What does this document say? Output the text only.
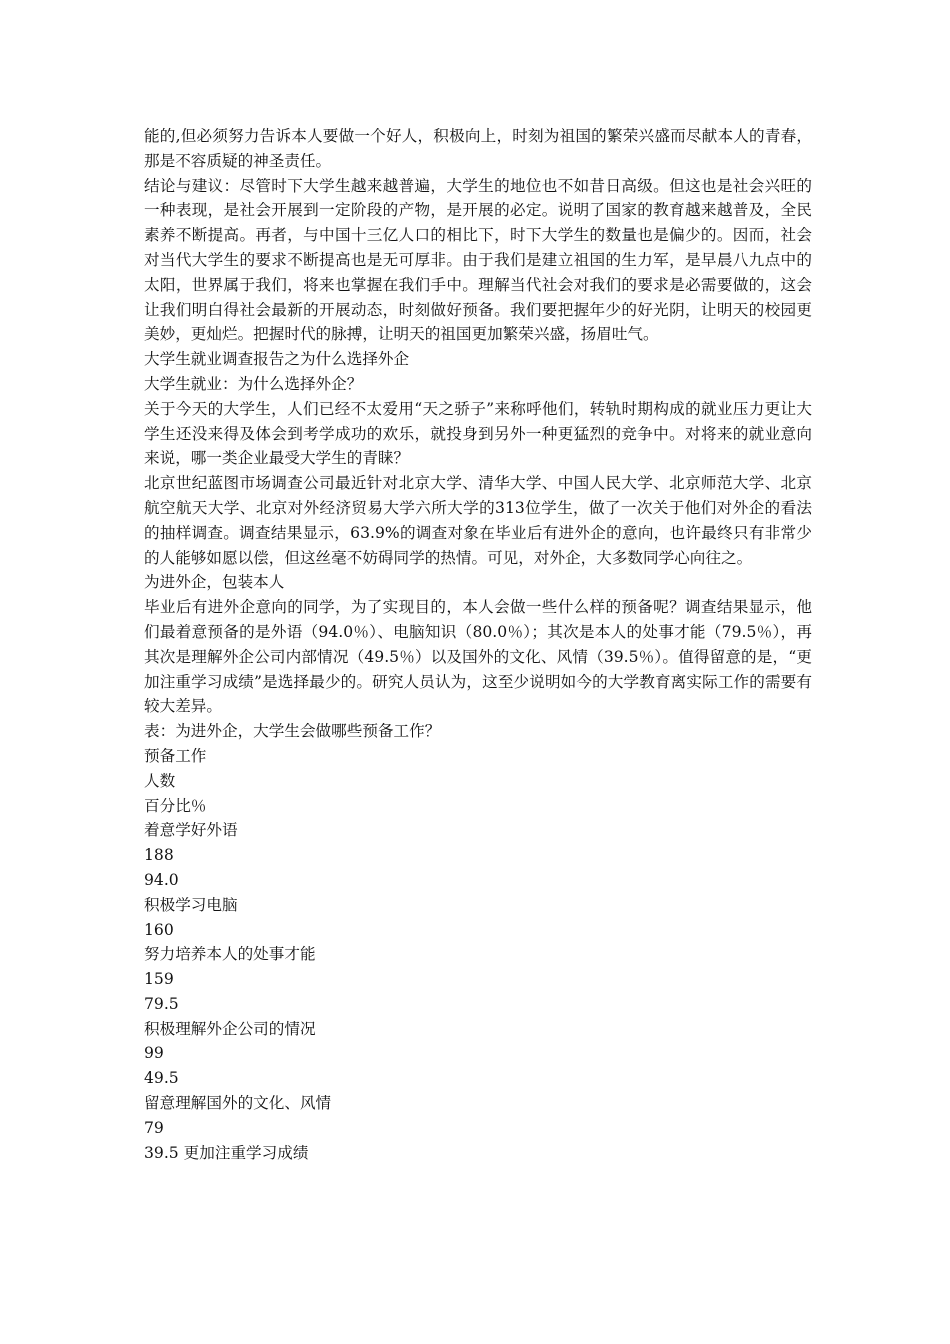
能的,但必须努力告诉本人要做一个好人，积极向上，时刻为祖国的繁荣兴盛而尽献本人的青春，那是不容质疑的神圣责任。

结论与建议：尽管时下大学生越来越普遍，大学生的地位也不如昔日高级。但这也是社会兴旺的一种表现，是社会开展到一定阶段的产物，是开展的必定。说明了国家的教育越来越普及，全民素养不断提高。再者，与中国十三亿人口的相比下，时下大学生的数量也是偏少的。因而，社会对当代大学生的要求不断提高也是无可厚非。由于我们是建立祖国的生力军，是早晨八九点中的太阳，世界属于我们，将来也掌握在我们手中。理解当代社会对我们的要求是必需要做的，这会让我们明白得社会最新的开展动态，时刻做好预备。我们要把握年少的好光阴，让明天的校园更美妙，更灿烂。把握时代的脉搏，让明天的祖国更加繁荣兴盛，扬眉吐气。

大学生就业调查报告之为什么选择外企

大学生就业：为什么选择外企？

关于今天的大学生，人们已经不太爱用“天之骄子”来称呼他们，转轨时期构成的就业压力更让大学生还没来得及体会到考学成功的欢乐，就投身到另外一种更猛烈的竞争中。对将来的就业意向来说，哪一类企业最受大学生的青睐？

北京世纪蓝图市场调查公司最近针对北京大学、清华大学、中国人民大学、北京师范大学、北京航空航天大学、北京对外经济贸易大学六所大学的313位学生，做了一次关于他们对外企的看法的抽样调查。调查结果显示，63.9%的调查对象在毕业后有进外企的意向，也许最终只有非常少的人能够如愿以偿，但这丝毫不妨碍同学的热情。可见，对外企，大多数同学心向往之。

为进外企，包装本人

毕业后有进外企意向的同学，为了实现目的，本人会做一些什么样的预备呢？调查结果显示，他们最着意预备的是外语（94.0％）、电脑知识（80.0％）；其次是本人的处事才能（79.5％），再其次是理解外企公司内部情况（49.5％）以及国外的文化、风情（39.5％）。值得留意的是，“更加注重学习成绩”是选择最少的。研究人员认为，这至少说明如今的大学教育离实际工作的需要有较大差异。

表：为进外企，大学生会做哪些预备工作？

预备工作

人数

百分比％

着意学好外语

188

94.0

积极学习电脑

160

努力培养本人的处事才能

159

79.5

积极理解外企公司的情况

99

49.5

留意理解国外的文化、风情

79

39.5 更加注重学习成绩
